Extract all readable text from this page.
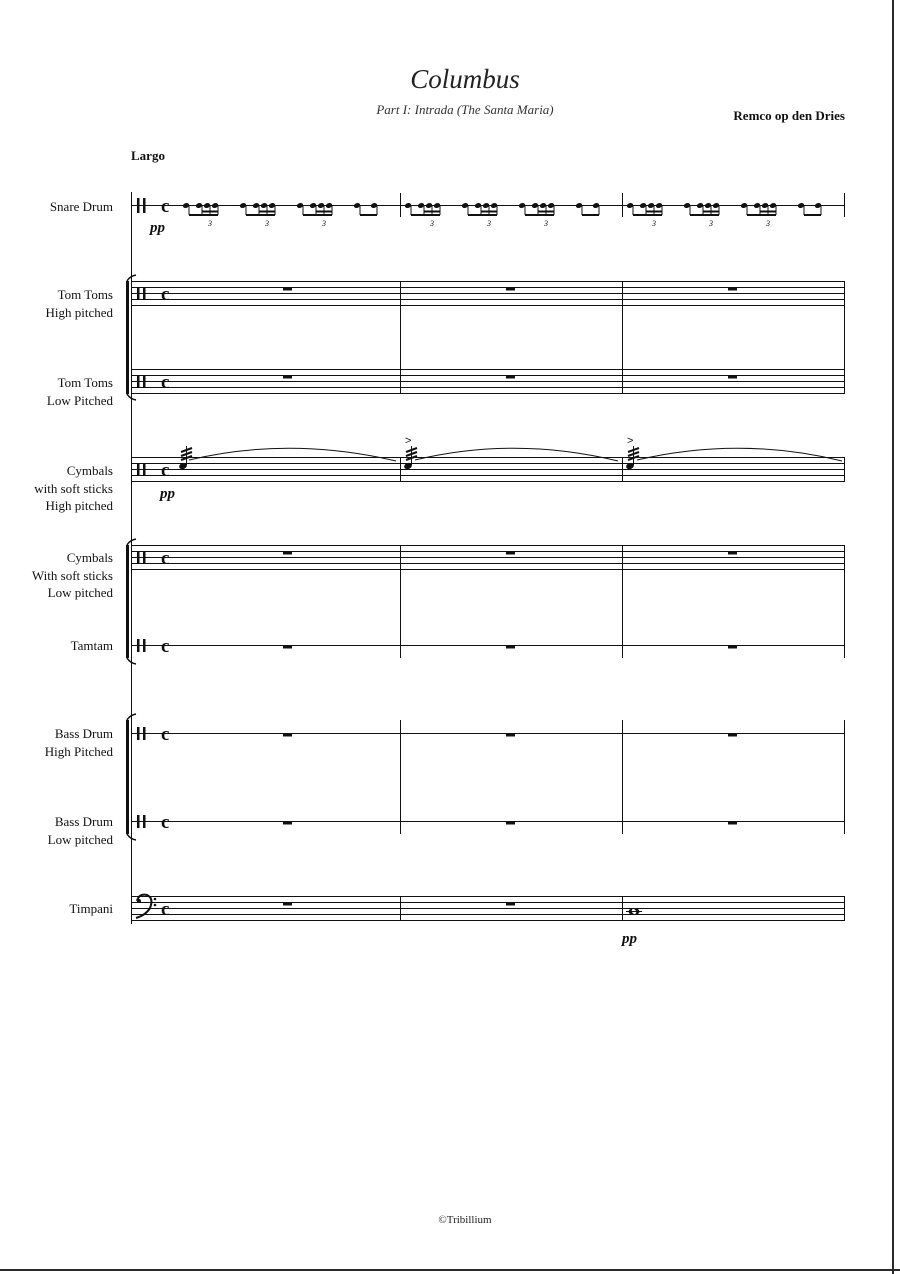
Columbus
Part I: Intrada (The Santa Maria)	Remco op den Dries
Largo
Snare Drum
Tom Toms
High pitched
Tom Toms
Low Pitched
Cymbals
with soft sticks
High pitched
Cymbals
With soft sticks
Low pitched
Tamtam
Bass Drum
High Pitched
Bass Drum
Low pitched
Timpani
>	>
c
c
c
c
c
c
c
c
c
pp
pp
pp
3	3	3	3	3	3	3	3	3
©Tribillium
